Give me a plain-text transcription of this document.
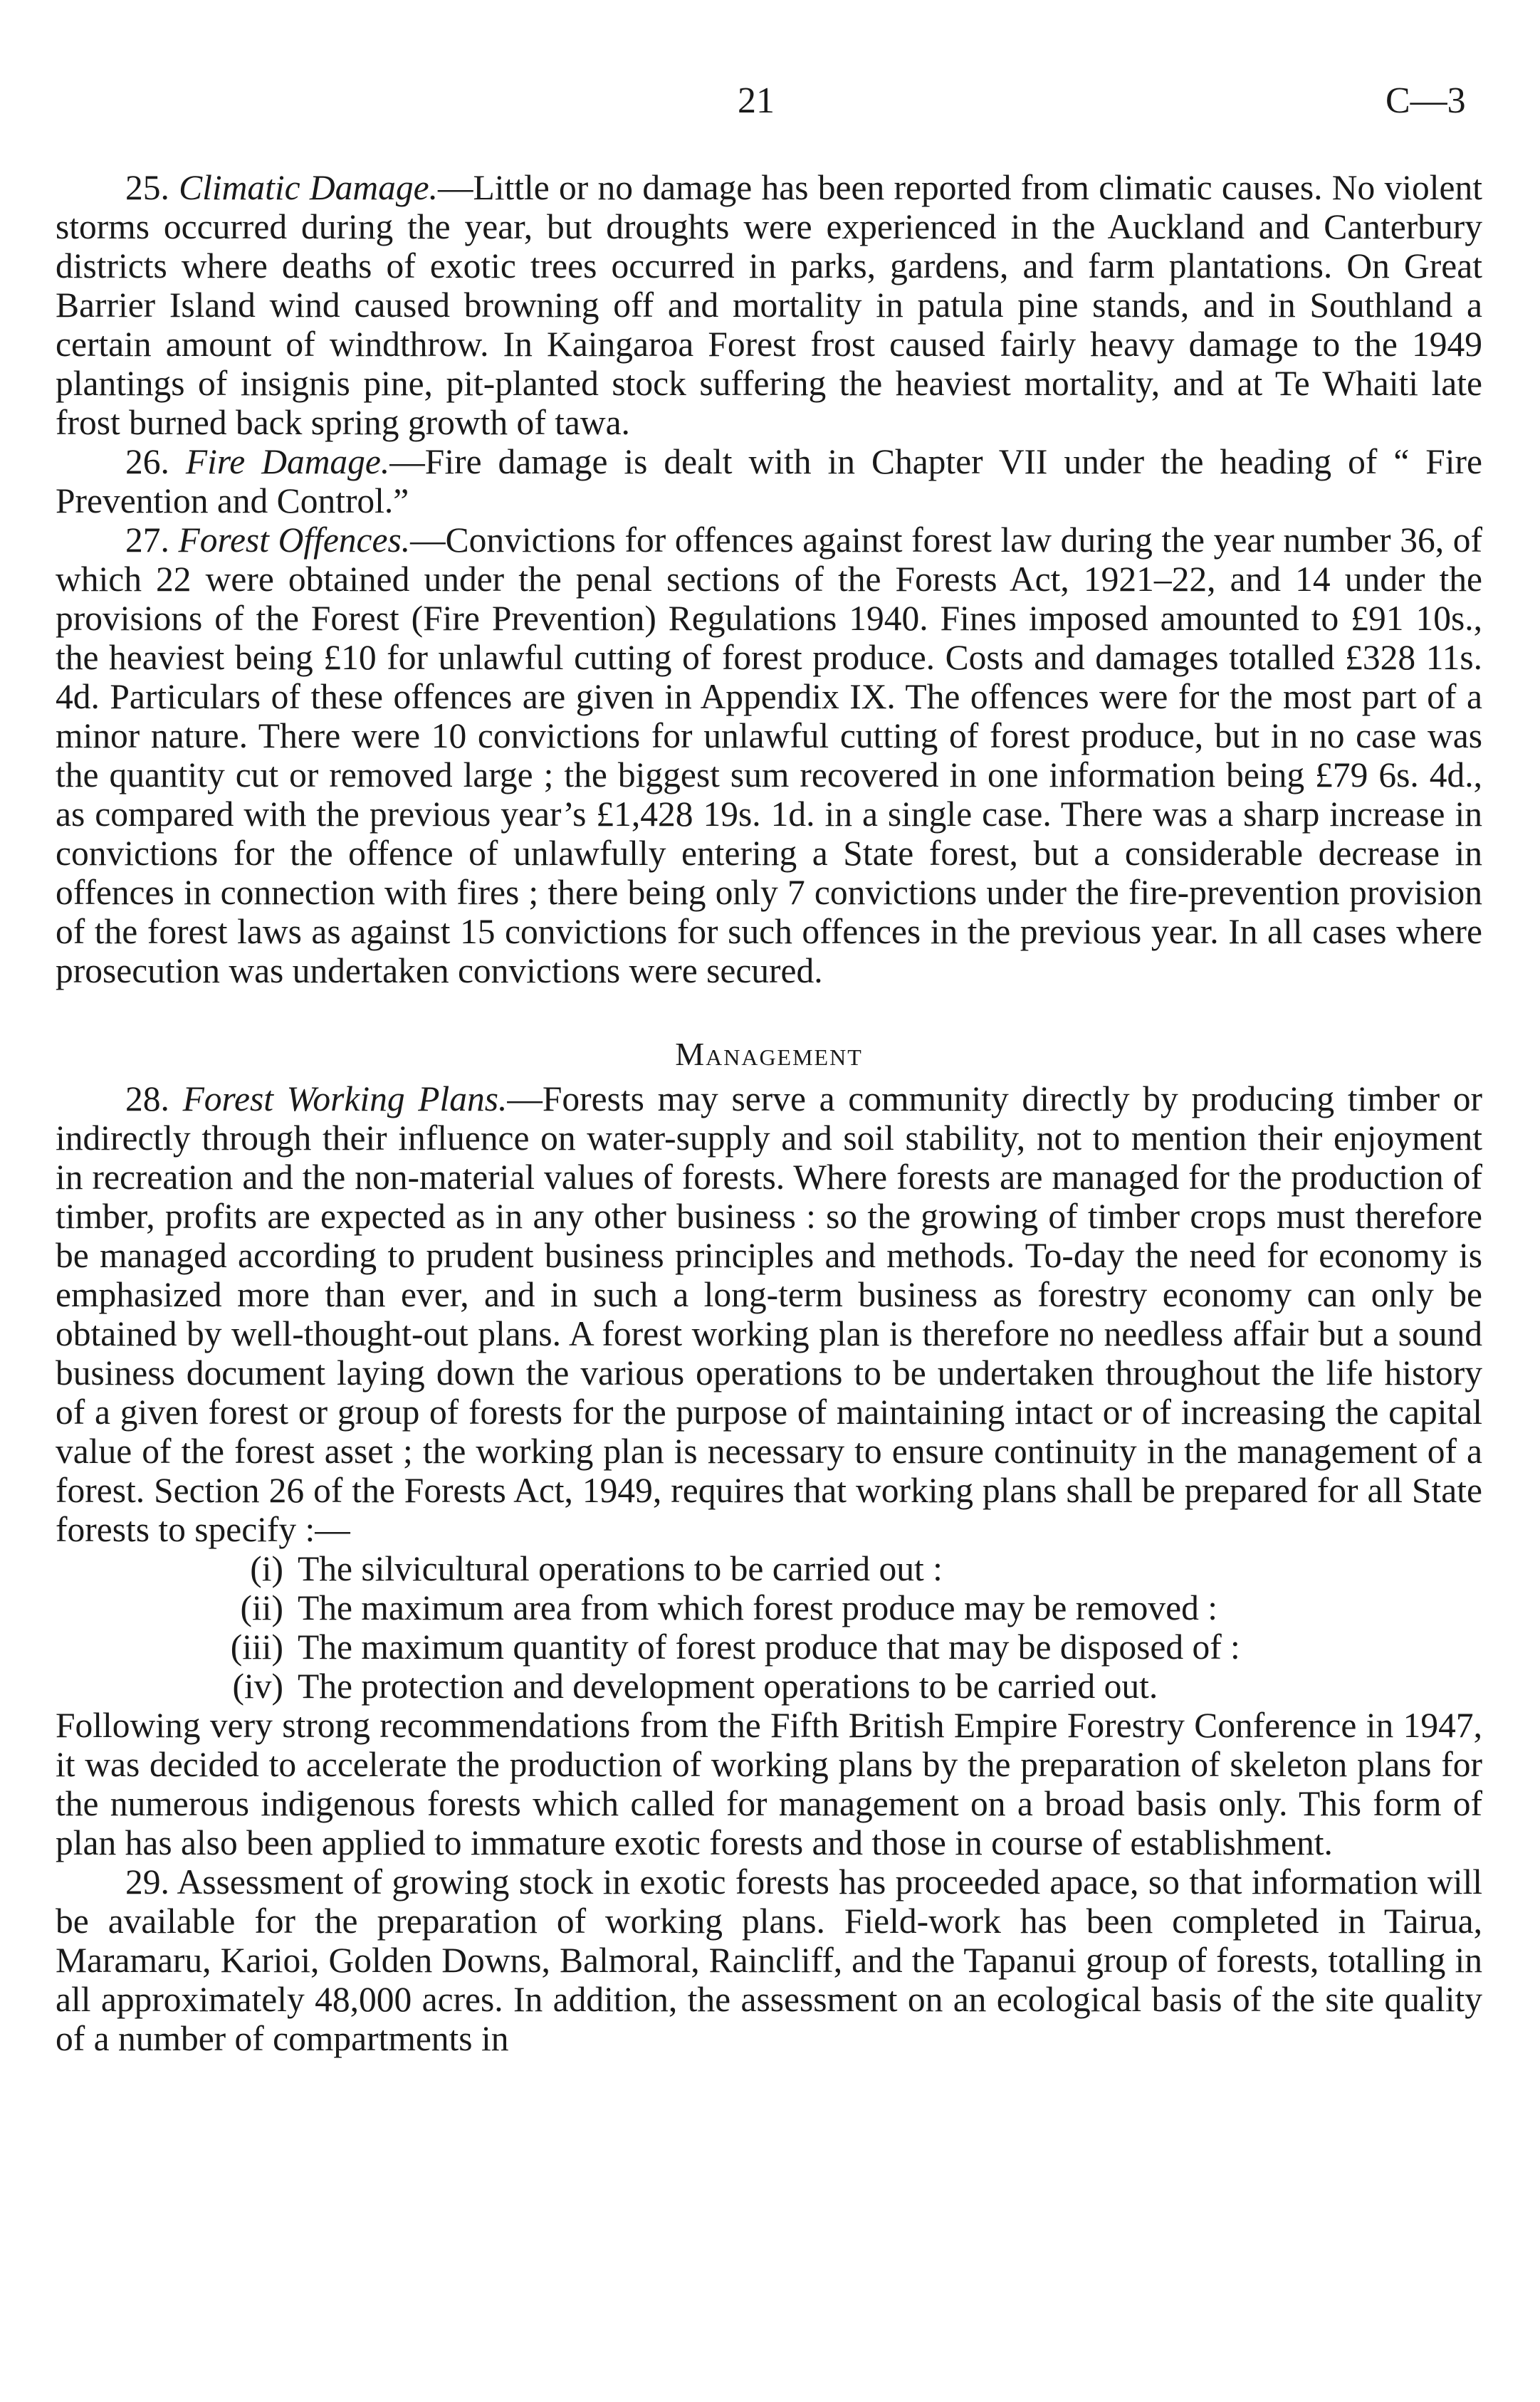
21	C—3

25. Climatic Damage.—Little or no damage has been reported from climatic causes. No violent storms occurred during the year, but droughts were experienced in the Auckland and Canterbury districts where deaths of exotic trees occurred in parks, gardens, and farm plantations. On Great Barrier Island wind caused browning off and mortality in patula pine stands, and in Southland a certain amount of windthrow. In Kaingaroa Forest frost caused fairly heavy damage to the 1949 plantings of insignis pine, pit-planted stock suffering the heaviest mortality, and at Te Whaiti late frost burned back spring growth of tawa.

26. Fire Damage.—Fire damage is dealt with in Chapter VII under the heading of “ Fire Prevention and Control.”

27. Forest Offences.—Convictions for offences against forest law during the year number 36, of which 22 were obtained under the penal sections of the Forests Act, 1921–22, and 14 under the provisions of the Forest (Fire Prevention) Regulations 1940. Fines imposed amounted to £91 10s., the heaviest being £10 for unlawful cutting of forest produce. Costs and damages totalled £328 11s. 4d. Particulars of these offences are given in Appendix IX. The offences were for the most part of a minor nature. There were 10 convictions for unlawful cutting of forest produce, but in no case was the quantity cut or removed large ; the biggest sum recovered in one information being £79 6s. 4d., as compared with the previous year’s £1,428 19s. 1d. in a single case. There was a sharp increase in convictions for the offence of unlawfully entering a State forest, but a considerable decrease in offences in connection with fires ; there being only 7 convictions under the fire-prevention provision of the forest laws as against 15 convictions for such offences in the previous year. In all cases where prosecution was undertaken convictions were secured.

Management

28. Forest Working Plans.—Forests may serve a community directly by producing timber or indirectly through their influence on water-supply and soil stability, not to mention their enjoyment in recreation and the non-material values of forests. Where forests are managed for the production of timber, profits are expected as in any other business : so the growing of timber crops must therefore be managed according to prudent business principles and methods. To-day the need for economy is emphasized more than ever, and in such a long-term business as forestry economy can only be obtained by well-thought-out plans. A forest working plan is therefore no needless affair but a sound business document laying down the various operations to be undertaken throughout the life history of a given forest or group of forests for the purpose of maintaining intact or of increasing the capital value of the forest asset ; the working plan is necessary to ensure continuity in the management of a forest. Section 26 of the Forests Act, 1949, requires that working plans shall be prepared for all State forests to specify :—

(i) The silvicultural operations to be carried out :
(ii) The maximum area from which forest produce may be removed :
(iii) The maximum quantity of forest produce that may be disposed of :
(iv) The protection and development operations to be carried out.

Following very strong recommendations from the Fifth British Empire Forestry Conference in 1947, it was decided to accelerate the production of working plans by the preparation of skeleton plans for the numerous indigenous forests which called for management on a broad basis only. This form of plan has also been applied to immature exotic forests and those in course of establishment.

29. Assessment of growing stock in exotic forests has proceeded apace, so that information will be available for the preparation of working plans. Field-work has been completed in Tairua, Maramaru, Karioi, Golden Downs, Balmoral, Raincliff, and the Tapanui group of forests, totalling in all approximately 48,000 acres. In addition, the assessment on an ecological basis of the site quality of a number of compartments in
